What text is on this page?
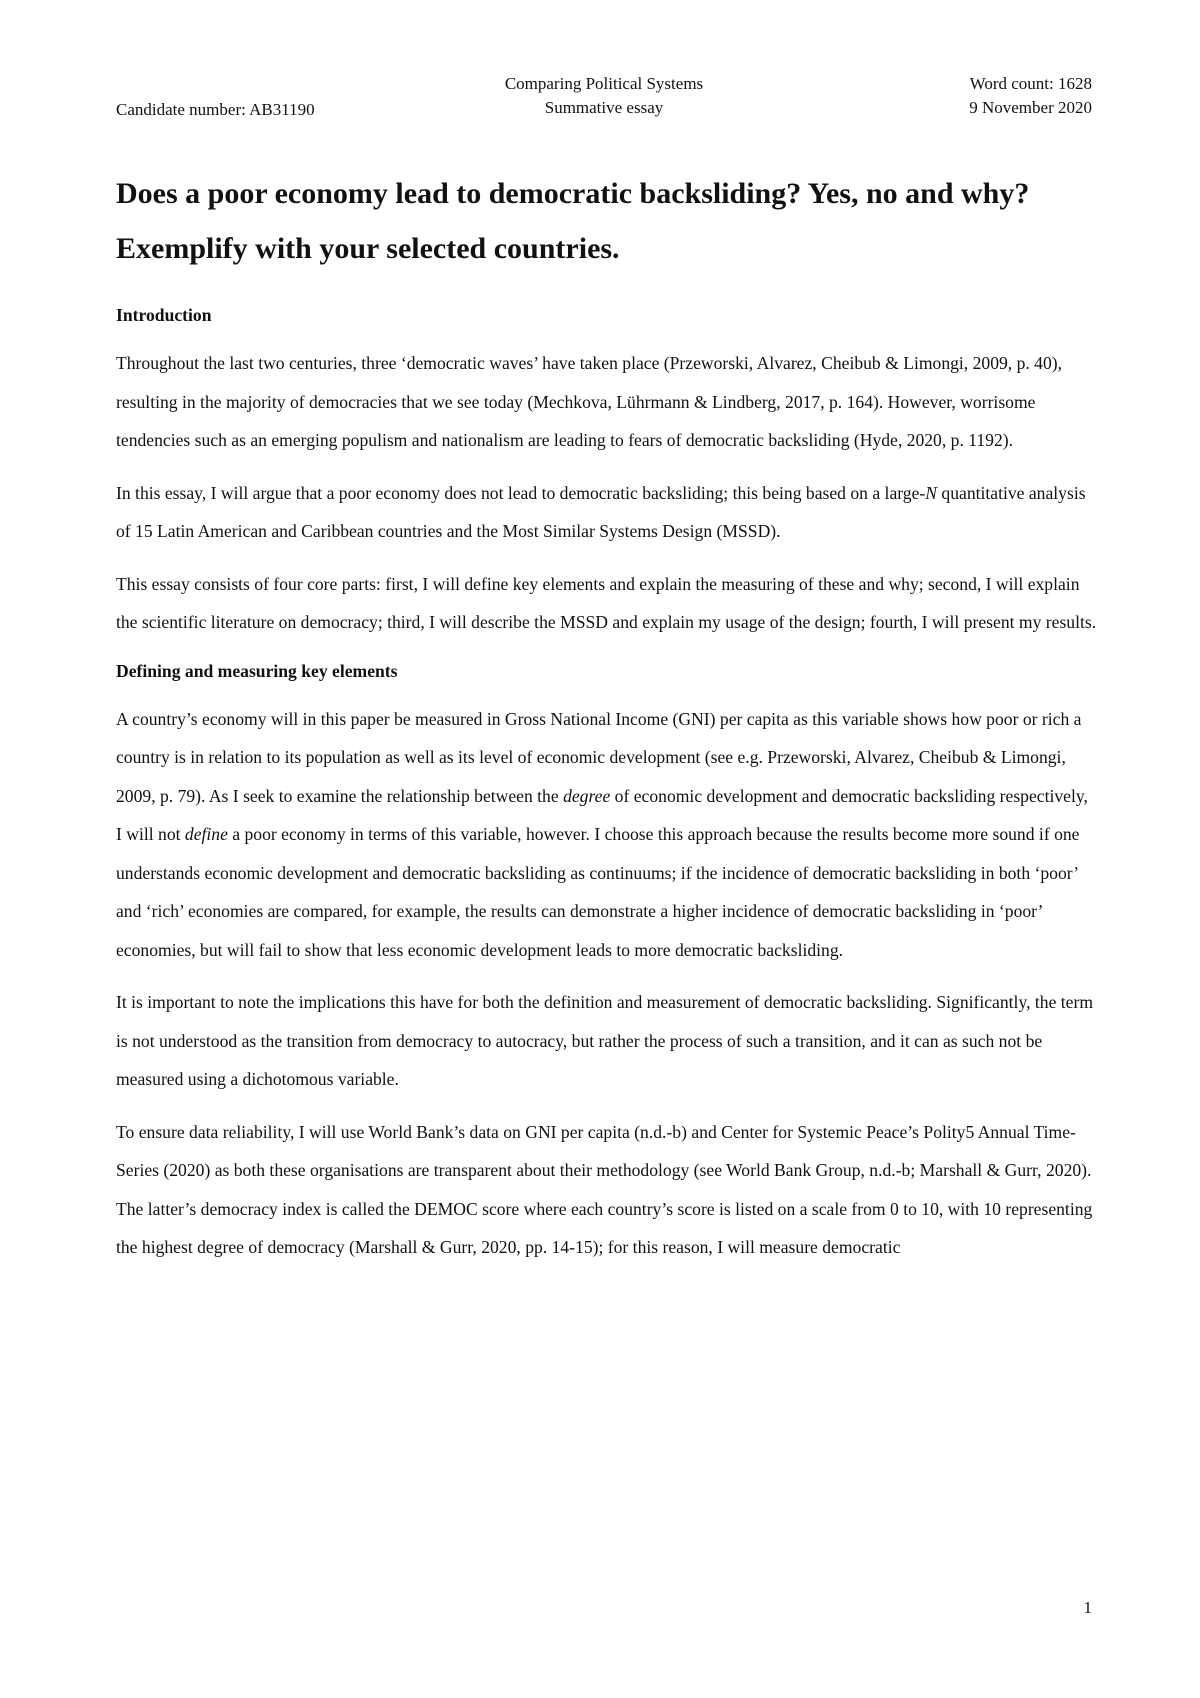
Candidate number: AB31190
Comparing Political Systems
Summative essay
Word count: 1628
9 November 2020
Does a poor economy lead to democratic backsliding? Yes, no and why? Exemplify with your selected countries.
Introduction

Throughout the last two centuries, three ‘democratic waves’ have taken place (Przeworski, Alvarez, Cheibub & Limongi, 2009, p. 40), resulting in the majority of democracies that we see today (Mechkova, Lührmann & Lindberg, 2017, p. 164). However, worrisome tendencies such as an emerging populism and nationalism are leading to fears of democratic backsliding (Hyde, 2020, p. 1192).

In this essay, I will argue that a poor economy does not lead to democratic backsliding; this being based on a large-N quantitative analysis of 15 Latin American and Caribbean countries and the Most Similar Systems Design (MSSD).

This essay consists of four core parts: first, I will define key elements and explain the measuring of these and why; second, I will explain the scientific literature on democracy; third, I will describe the MSSD and explain my usage of the design; fourth, I will present my results.

Defining and measuring key elements

A country’s economy will in this paper be measured in Gross National Income (GNI) per capita as this variable shows how poor or rich a country is in relation to its population as well as its level of economic development (see e.g. Przeworski, Alvarez, Cheibub & Limongi, 2009, p. 79). As I seek to examine the relationship between the degree of economic development and democratic backsliding respectively, I will not define a poor economy in terms of this variable, however. I choose this approach because the results become more sound if one understands economic development and democratic backsliding as continuums; if the incidence of democratic backsliding in both ‘poor’ and ‘rich’ economies are compared, for example, the results can demonstrate a higher incidence of democratic backsliding in ‘poor’ economies, but will fail to show that less economic development leads to more democratic backsliding.

It is important to note the implications this have for both the definition and measurement of democratic backsliding. Significantly, the term is not understood as the transition from democracy to autocracy, but rather the process of such a transition, and it can as such not be measured using a dichotomous variable.

To ensure data reliability, I will use World Bank’s data on GNI per capita (n.d.-b) and Center for Systemic Peace’s Polity5 Annual Time-Series (2020) as both these organisations are transparent about their methodology (see World Bank Group, n.d.-b; Marshall & Gurr, 2020). The latter’s democracy index is called the DEMOC score where each country’s score is listed on a scale from 0 to 10, with 10 representing the highest degree of democracy (Marshall & Gurr, 2020, pp. 14-15); for this reason, I will measure democratic

1
